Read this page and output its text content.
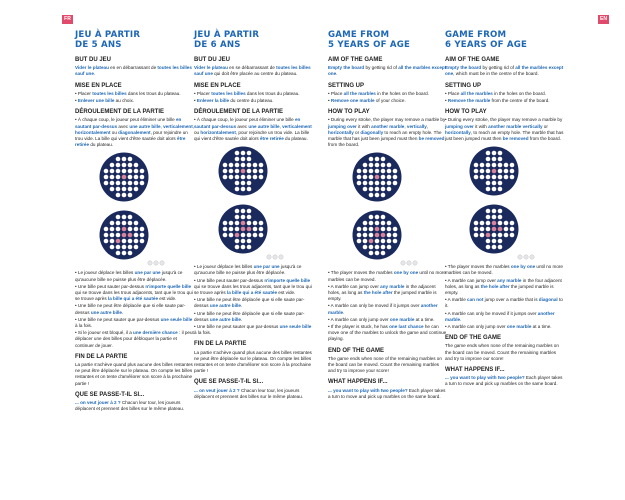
FR	EN
JEU À PARTIR
DE 5 ANS
BUT DU JEU
Vider le plateau en en débarrassant de toutes les billes sauf une.
MISE EN PLACE
• Placer toutes les billes dans les trous du plateau.
• Enlever une bille au choix.
DÉROULEMENT DE LA PARTIE
• À chaque coup, le joueur peut éliminer une bille en sautant par-dessus avec une autre bille, verticalement, horizontalement ou diagonalement, pour rejoindre un trou vide. La bille qui vient d'être sautée doit alors être retirée du plateau.
• Le joueur déplace les billes une par une jusqu'à ce qu'aucune bille ne puisse plus être déplacée.
• Une bille peut sauter par-dessus n'importe quelle bille qui se trouve dans les trous adjacents, tant que le trou qui se trouve après la bille qui a été sautée est vide.
• Une bille ne peut être déplacée que si elle saute par-dessus une autre bille.
• Une bille ne peut sauter que par-dessus une seule bille à la fois.
• Si le joueur est bloqué, il a une dernière chance : il peut déplacer une des billes pour débloquer la partie et continuer de jouer.
FIN DE LA PARTIE
La partie s'achève quand plus aucune des billes restantes ne peut être déplacée sur le plateau. On compte les billes restantes et on tente d'améliorer son score à la prochaine partie !
QUE SE PASSE-T-IL SI...
... on veut jouer à 2 ? Chacun leur tour, les joueurs déplacent et prennent des billes sur le même plateau.
JEU À PARTIR
DE 6 ANS
BUT DU JEU
Vider le plateau en se débarrassant de toutes les billes sauf une qui doit être placée au centre du plateau.
MISE EN PLACE
• Placer toutes les billes dans les trous du plateau.
• Enlever la bille du centre du plateau.
DÉROULEMENT DE LA PARTIE
• À chaque coup, le joueur peut éliminer une bille en sautant par-dessus avec une autre bille, verticalement ou horizontalement, pour rejoindre un trou vide. La bille qui vient d'être sautée doit alors être retirée du plateau.
• Le joueur déplace les billes une par une jusqu'à ce qu'aucune bille ne puisse plus être déplacée.
• Une bille peut sauter par-dessus n'importe quelle bille qui se trouve dans les trous adjacents, tant que le trou qui se trouve après la bille qui a été sautée est vide.
• Une bille ne peut être déplacée que si elle saute par-dessus une autre bille.
• Une bille ne peut être déplacée que si elle saute par-dessus une autre bille.
• Une bille ne peut sauter que par-dessus une seule bille à la fois.
FIN DE LA PARTIE
La partie s'achève quand plus aucune des billes restantes ne peut être déplacée sur le plateau. On compte les billes restantes et on tente d'améliorer son score à la prochaine partie !
QUE SE PASSE-T-IL SI...
... on veut jouer à 2 ? Chacun leur tour, les joueurs déplacent et prennent des billes sur le même plateau.
GAME FROM
5 YEARS OF AGE
AIM OF THE GAME
Empty the board by getting rid of all the marbles except one.
SETTING UP
• Place all the marbles in the holes on the board.
• Remove one marble of your choice.
HOW TO PLAY
• During every stroke, the player may remove a marble by jumping over it with another marble, vertically, horizontally or diagonally to reach an empty hole. The marble that has just been jumped must then be removed from the board.
• The player moves the marbles one by one until no more marbles can be moved.
• A marble can jump over any marble in the adjacent holes, as long as the hole after the jumped marble is empty.
• A marble can only be moved if it jumps over another marble.
• A marble can only jump over one marble at a time.
• If the player is stuck, he has one last chance he can move one of the marbles to unlock the game and continue playing.
END OF THE GAME
The game ends when none of the remaining marbles on the board can be moved. Count the remaining marbles and try to improve your score!
WHAT HAPPENS IF...
... you want to play with two people? Each player takes a turn to move and pick up marbles on the same board.
GAME FROM
6 YEARS OF AGE
AIM OF THE GAME
Empty the board by getting rid of all the marbles except one, which must be in the centre of the board.
SETTING UP
• Place all the marbles in the holes on the board.
• Remove the marble from the centre of the board.
HOW TO PLAY
• During every stroke, the player may remove a marble by jumping over it with another marble vertically or horizontally, to reach an empty hole. The marble that has just been jumped must then be removed from the board.
• The player moves the marbles one by one until no more marbles can be moved.
• A marble can jump over any marble in the four adjacent holes, as long as the hole after the jumped marble is empty.
• A marble can not jump over a marble that is diagonal to it.
• A marble can only be moved if it jumps over another marble.
• A marble can only jump over one marble at a time.
END OF THE GAME
The game ends when none of the remaining marbles on the board can be moved. Count the remaining marbles and try to improve our score!
WHAT HAPPENS IF...
... you want to play with two people? Each player takes a turn to move and pick up marbles on the same board.
